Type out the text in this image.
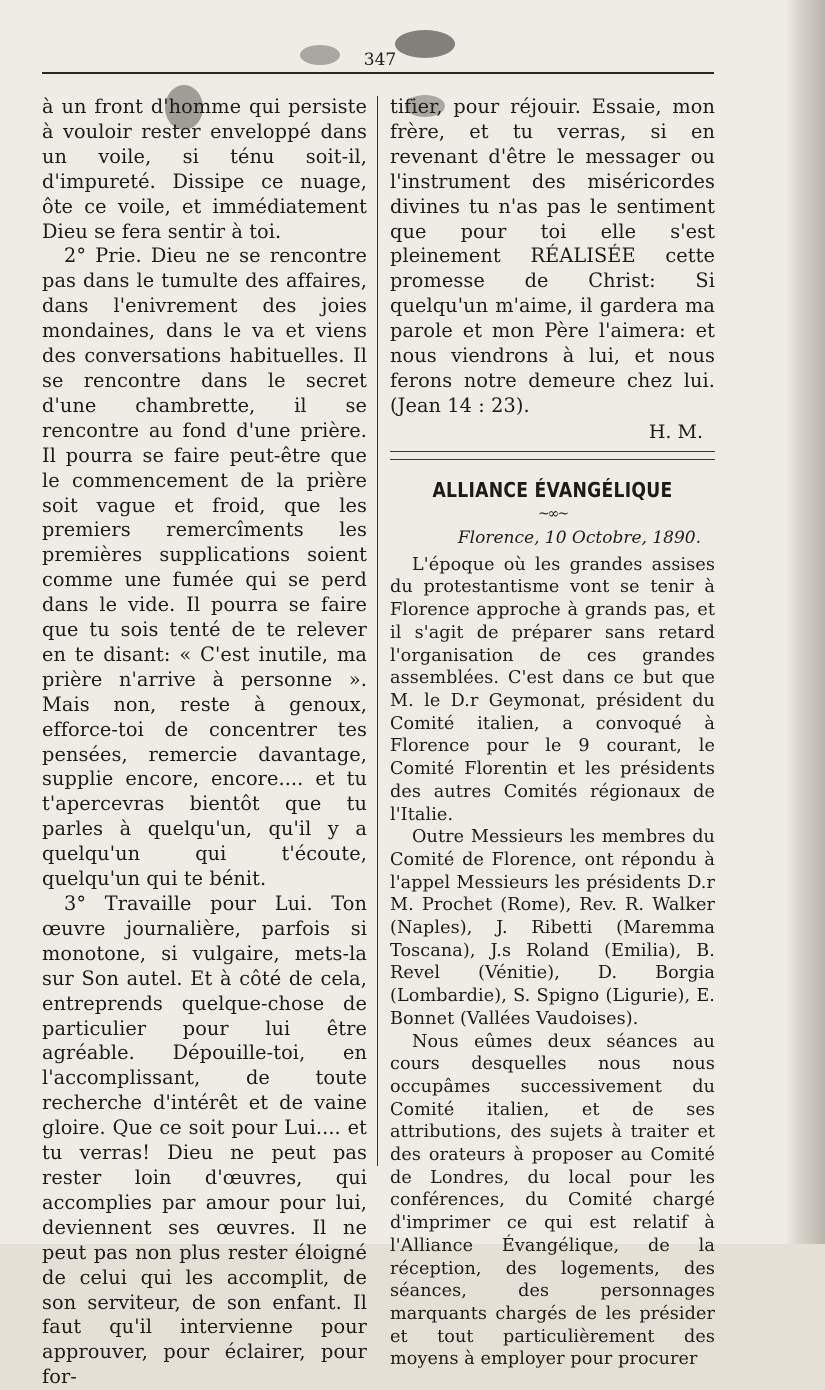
347

à un front d'homme qui persiste à vouloir rester enveloppé dans un voile, si ténu soit-il, d'impureté. Dissipe ce nuage, ôte ce voile, et immédiatement Dieu se fera sentir à toi.

2° Prie. Dieu ne se rencontre pas dans le tumulte des affaires, dans l'enivrement des joies mondaines, dans le va et viens des conversations habituelles. Il se rencontre dans le secret d'une chambrette, il se rencontre au fond d'une prière. Il pourra se faire peut-être que le commencement de la prière soit vague et froid, que les premiers remercîments les premières supplications soient comme une fumée qui se perd dans le vide. Il pourra se faire que tu sois tenté de te relever en te disant: « C'est inutile, ma prière n'arrive à personne ». Mais non, reste à genoux, efforce-toi de concentrer tes pensées, remercie davantage, supplie encore, encore.... et tu t'apercevras bientôt que tu parles à quelqu'un, qu'il y a quelqu'un qui t'écoute, quelqu'un qui te bénit.

3° Travaille pour Lui. Ton œuvre journalière, parfois si monotone, si vulgaire, mets-la sur Son autel. Et à côté de cela, entreprends quelque-chose de particulier pour lui être agréable. Dépouille-toi, en l'accomplissant, de toute recherche d'intérêt et de vaine gloire. Que ce soit pour Lui.... et tu verras! Dieu ne peut pas rester loin d'œuvres, qui accomplies par amour pour lui, deviennent ses œuvres. Il ne peut pas non plus rester éloigné de celui qui les accomplit, de son serviteur, de son enfant. Il faut qu'il intervienne pour approuver, pour éclairer, pour for-

tifier, pour réjouir. Essaie, mon frère, et tu verras, si en revenant d'être le messager ou l'instrument des miséricordes divines tu n'as pas le sentiment que pour toi elle s'est pleinement RÉALISÉE cette promesse de Christ: Si quelqu'un m'aime, il gardera ma parole et mon Père l'aimera: et nous viendrons à lui, et nous ferons notre demeure chez lui. (Jean 14 : 23).

H. M.

ALLIANCE ÉVANGÉLIQUE

~∞~

Florence, 10 Octobre, 1890.

L'époque où les grandes assises du protestantisme vont se tenir à Florence approche à grands pas, et il s'agit de préparer sans retard l'organisation de ces grandes assemblées. C'est dans ce but que M. le D.r Geymonat, président du Comité italien, a convoqué à Florence pour le 9 courant, le Comité Florentin et les présidents des autres Comités régionaux de l'Italie.

Outre Messieurs les membres du Comité de Florence, ont répondu à l'appel Messieurs les présidents D.r M. Prochet (Rome), Rev. R. Walker (Naples), J. Ribetti (Maremma Toscana), J.s Roland (Emilia), B. Revel (Vénitie), D. Borgia (Lombardie), S. Spigno (Ligurie), E. Bonnet (Vallées Vaudoises).

Nous eûmes deux séances au cours desquelles nous nous occupâmes successivement du Comité italien, et de ses attributions, des sujets à traiter et des orateurs à proposer au Comité de Londres, du local pour les conférences, du Comité chargé d'imprimer ce qui est relatif à l'Alliance Évangélique, de la réception, des logements, des séances, des personnages marquants chargés de les présider et tout particulièrement des moyens à employer pour procurer
